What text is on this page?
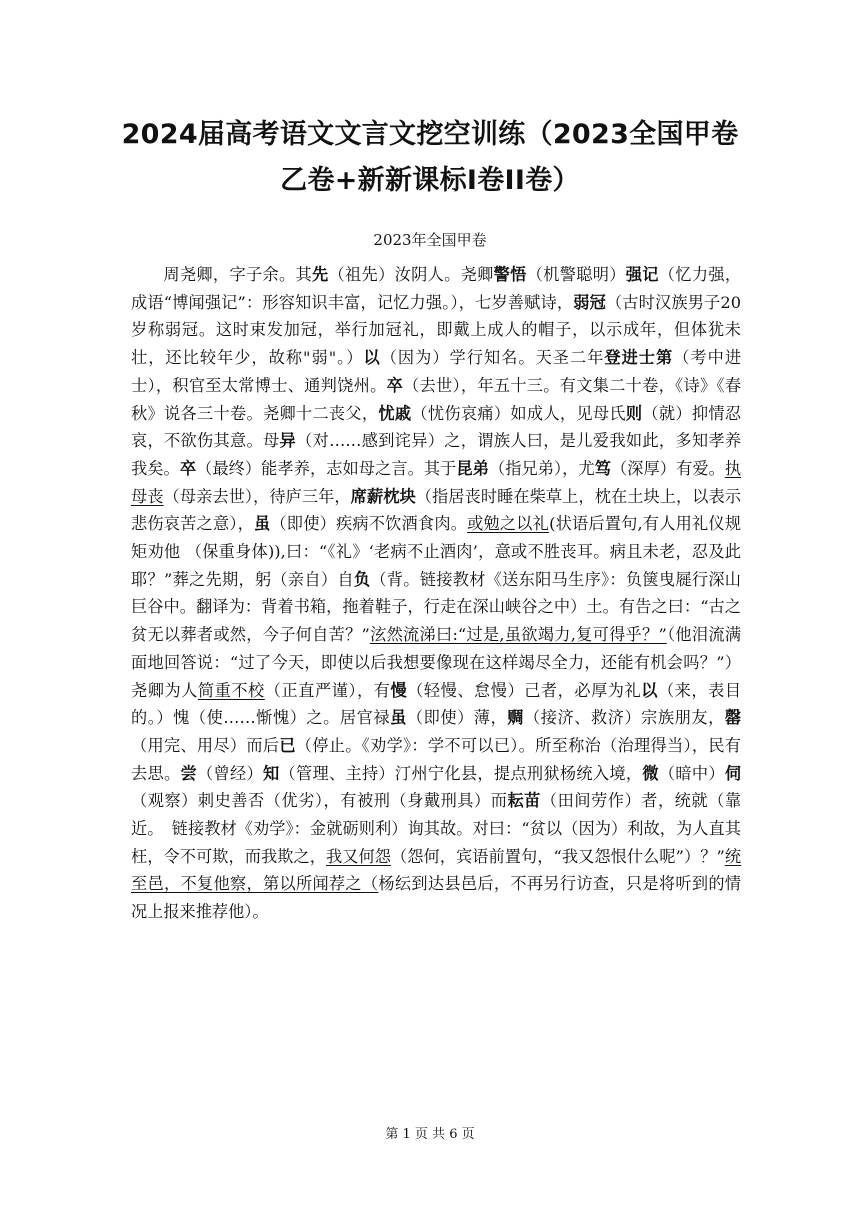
2024届高考语文文言文挖空训练（2023全国甲卷乙卷+新新课标Ⅰ卷ⅠⅠ卷）
2023年全国甲卷

周尧卿，字子余。其先（祖先）汝阴人。尧卿警悟（机警聪明）强记（忆力强，成语“博闻强记”：形容知识丰富，记忆力强。），七岁善赋诗，弱冠（古时汉族男子20岁称弱冠。这时束发加冠，举行加冠礼，即戴上成人的帽子，以示成年，但体犹未壮，还比较年少，故称"弱"。）以（因为）学行知名。天圣二年登进士第（考中进士），积官至太常博士、通判饶州。卒（去世），年五十三。有文集二十卷，《诗》《春秋》说各三十卷。尧卿十二丧父，忧戚（忧伤哀痛）如成人，见母氏则（就）抑情忍哀，不欲伤其意。母异（对……感到诧异）之，谓族人曰，是儿爱我如此，多知孝养我矣。卒（最终）能孝养，志如母之言。其于昆弟（指兄弟），尤笃（深厚）有爱。执母丧（母亲去世），待庐三年，席薪枕块（指居丧时睡在柴草上，枕在土块上，以表示悲伤哀苦之意），虽（即使）疾病不饮酒食肉。或勉之以礼(状语后置句,有人用礼仪规矩劝他 （保重身体)),曰：“《礼》‘老病不止酒肉’，意或不胜丧耳。病且未老，忍及此耶？”葬之先期，躬（亲自）自负（背。链接教材《送东阳马生序》：负箧曳屣行深山巨谷中。翻译为：背着书箱，拖着鞋子，行走在深山峡谷之中）土。有告之曰：“古之贫无以葬者或然，今子何自苦？”泫然流涕曰:“过是,虽欲竭力,复可得乎？”（他泪流满面地回答说：“过了今天，即使以后我想要像现在这样竭尽全力，还能有机会吗？”）尧卿为人简重不校（正直严谨），有慢（轻慢、怠慢）己者，必厚为礼以（来，表目的。）愧（使……惭愧）之。居官禄虽（即使）薄，赒（接济、救济）宗族朋友，罄（用完、用尽）而后已（停止。《劝学》：学不可以已）。所至称治（治理得当），民有去思。尝（曾经）知（管理、主持）汀州宁化县，提点刑狱杨统入境，微（暗中）伺（观察）刺史善否（优劣），有被刑（身戴刑具）而耘苗（田间劳作）者，统就（靠近。　链接教材《劝学》：金就砺则利）询其故。对曰：“贫以（因为）利故，为人直其枉，令不可欺，而我欺之，我又何怨（怨何，宾语前置句，“我又怨恨什么呢”）？”统至邑，不复他察，第以所闻荐之（杨纭到达县邑后，不再另行访查，只是将听到的情况上报来推荐他）。

第 1 页 共 6 页
